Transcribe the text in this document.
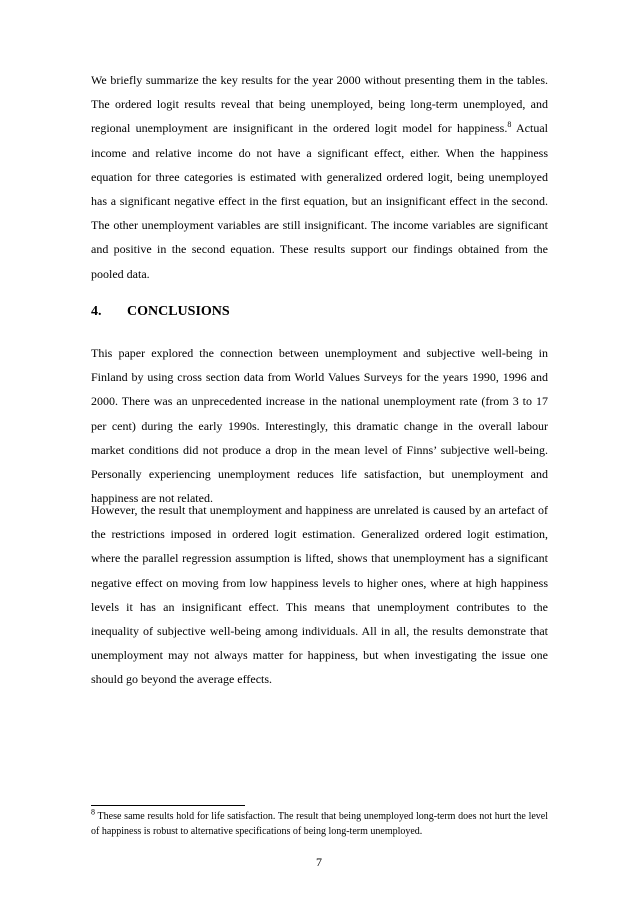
We briefly summarize the key results for the year 2000 without presenting them in the tables. The ordered logit results reveal that being unemployed, being long-term unemployed, and regional unemployment are insignificant in the ordered logit model for happiness.$^8$ Actual income and relative income do not have a significant effect, either. When the happiness equation for three categories is estimated with generalized ordered logit, being unemployed has a significant negative effect in the first equation, but an insignificant effect in the second. The other unemployment variables are still insignificant. The income variables are significant and positive in the second equation. These results support our findings obtained from the pooled data.

4.	CONCLUSIONS

This paper explored the connection between unemployment and subjective well-being in Finland by using cross section data from World Values Surveys for the years 1990, 1996 and 2000. There was an unprecedented increase in the national unemployment rate (from 3 to 17 per cent) during the early 1990s. Interestingly, this dramatic change in the overall labour market conditions did not produce a drop in the mean level of Finns’ subjective well-being. Personally experiencing unemployment reduces life satisfaction, but unemployment and happiness are not related.

However, the result that unemployment and happiness are unrelated is caused by an artefact of the restrictions imposed in ordered logit estimation. Generalized ordered logit estimation, where the parallel regression assumption is lifted, shows that unemployment has a significant negative effect on moving from low happiness levels to higher ones, where at high happiness levels it has an insignificant effect. This means that unemployment contributes to the inequality of subjective well-being among individuals. All in all, the results demonstrate that unemployment may not always matter for happiness, but when investigating the issue one should go beyond the average effects.

$^8$ These same results hold for life satisfaction. The result that being unemployed long-term does not hurt the level of happiness is robust to alternative specifications of being long-term unemployed.

7
